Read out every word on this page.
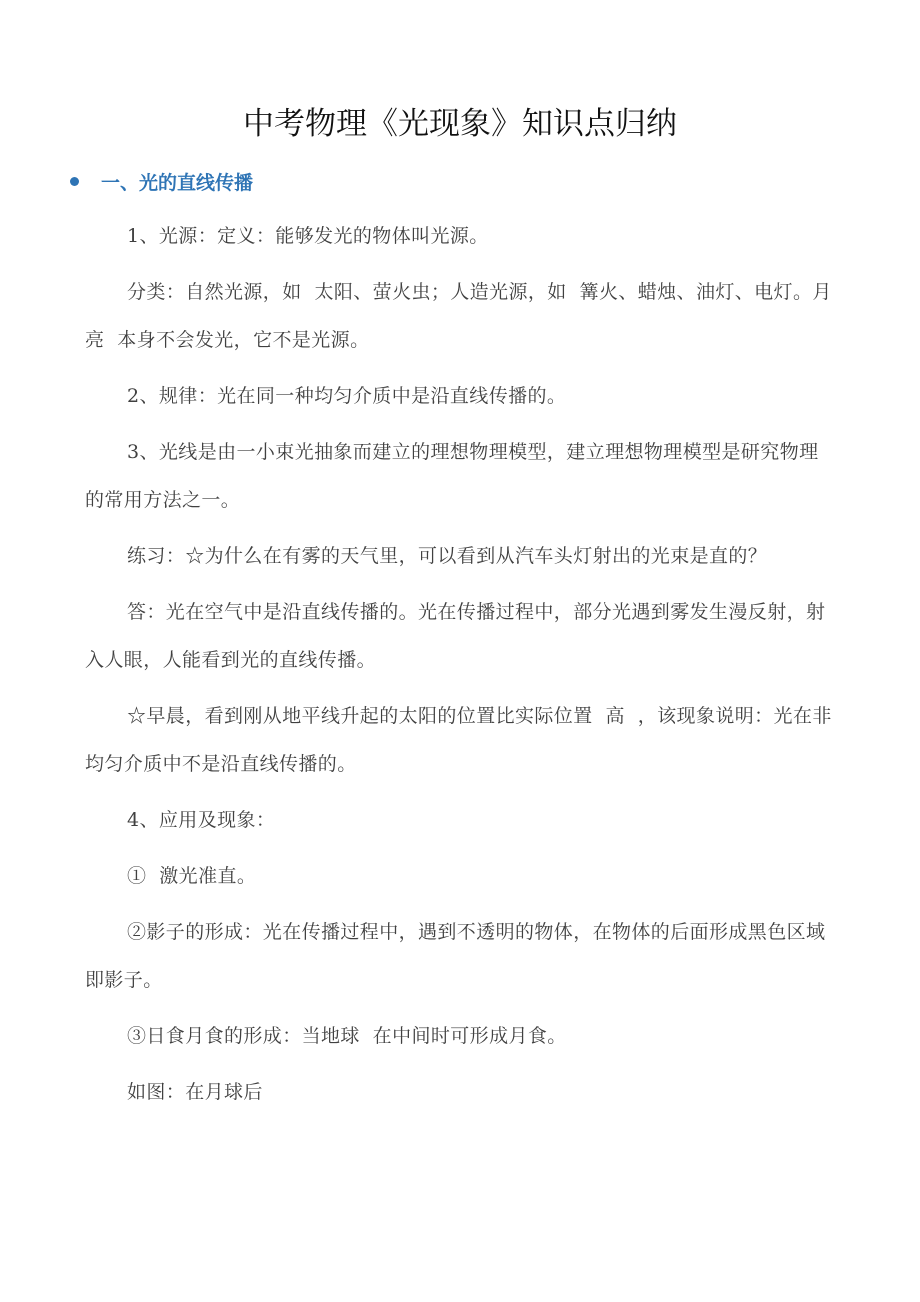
中考物理《光现象》知识点归纳
一、光的直线传播

1、光源：定义：能够发光的物体叫光源。

分类：自然光源，如  太阳、萤火虫；人造光源，如  篝火、蜡烛、油灯、电灯。月亮  本身不会发光，它不是光源。

2、规律：光在同一种均匀介质中是沿直线传播的。

3、光线是由一小束光抽象而建立的理想物理模型，建立理想物理模型是研究物理的常用方法之一。

练习：☆为什么在有雾的天气里，可以看到从汽车头灯射出的光束是直的？

答：光在空气中是沿直线传播的。光在传播过程中，部分光遇到雾发生漫反射，射入人眼，人能看到光的直线传播。

☆早晨，看到刚从地平线升起的太阳的位置比实际位置  高  ，该现象说明：光在非均匀介质中不是沿直线传播的。

4、应用及现象：

①  激光准直。

②影子的形成：光在传播过程中，遇到不透明的物体，在物体的后面形成黑色区域即影子。

③日食月食的形成：当地球  在中间时可形成月食。

如图：在月球后
